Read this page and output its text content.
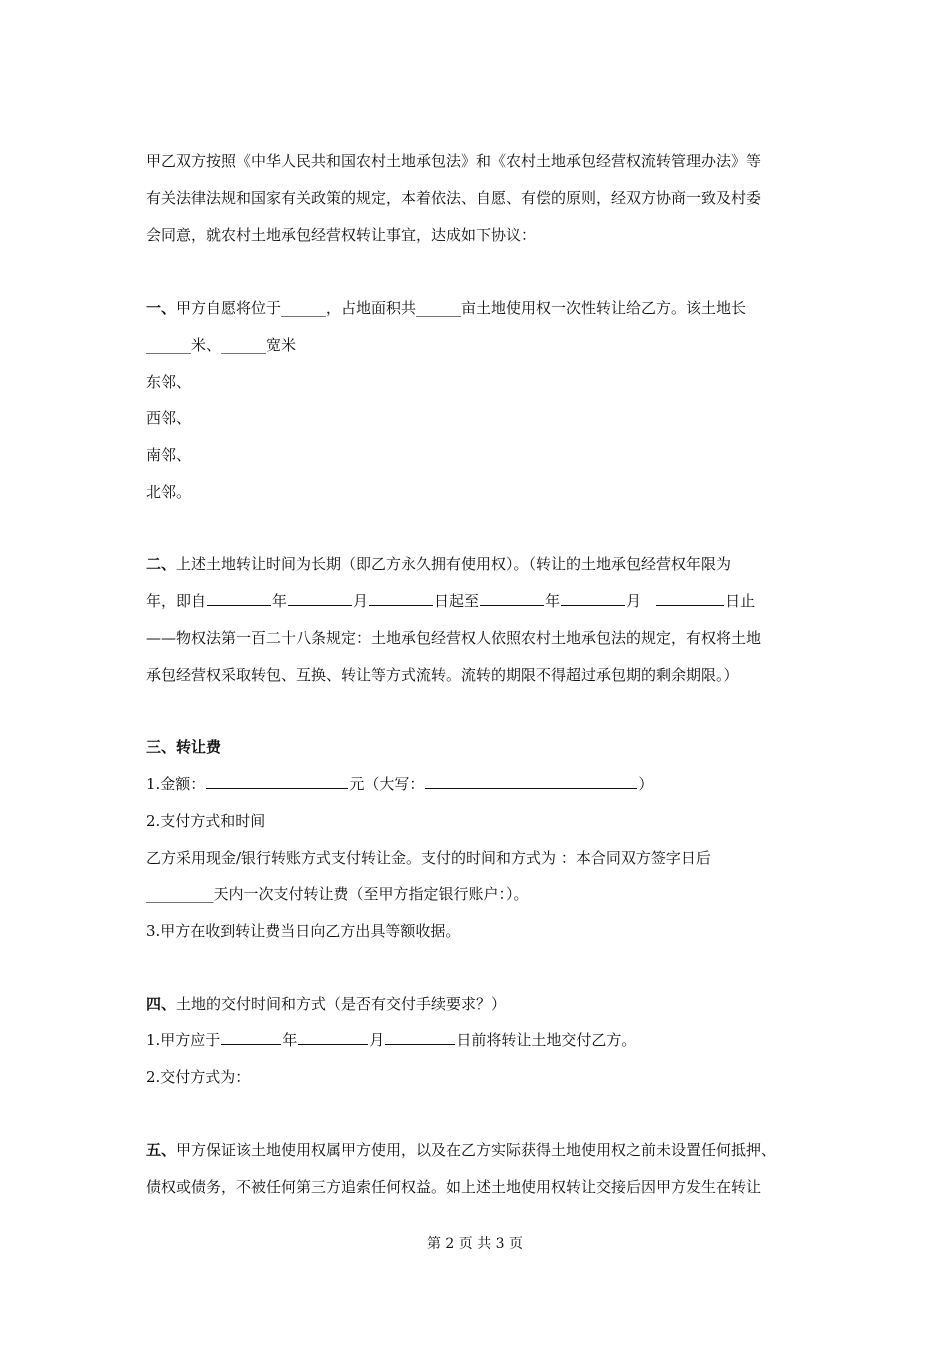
甲乙双方按照《中华人民共和国农村土地承包法》和《农村土地承包经营权流转管理办法》等
有关法律法规和国家有关政策的规定，本着依法、自愿、有偿的原则，经双方协商一致及村委
会同意，就农村土地承包经营权转让事宜，达成如下协议：
一、甲方自愿将位于______，占地面积共______亩土地使用权一次性转让给乙方。该土地长
______米、______宽米
东邻、
西邻、
南邻、
北邻。
二、上述土地转让时间为长期（即乙方永久拥有使用权）。（转让的土地承包经营权年限为
年，即自	年	月	日起至	年	月	日止
——物权法第一百二十八条规定：土地承包经营权人依照农村土地承包法的规定，有权将土地
承包经营权采取转包、互换、转让等方式流转。流转的期限不得超过承包期的剩余期限。）
三、转让费
1.金额：	元（大写：	）
2.支付方式和时间
乙方采用现金/银行转账方式支付转让金。支付的时间和方式为 ：本合同双方签字日后
_________天内一次支付转让费（至甲方指定银行账户：）。
3.甲方在收到转让费当日向乙方出具等额收据。
四、土地的交付时间和方式（是否有交付手续要求？）
1.甲方应于	年	月	日前将转让土地交付乙方。
2.交付方式为：
五、甲方保证该土地使用权属甲方使用，以及在乙方实际获得土地使用权之前未设置任何抵押、
债权或债务，不被任何第三方追索任何权益。如上述土地使用权转让交接后因甲方发生在转让
第 2 页 共 3 页
